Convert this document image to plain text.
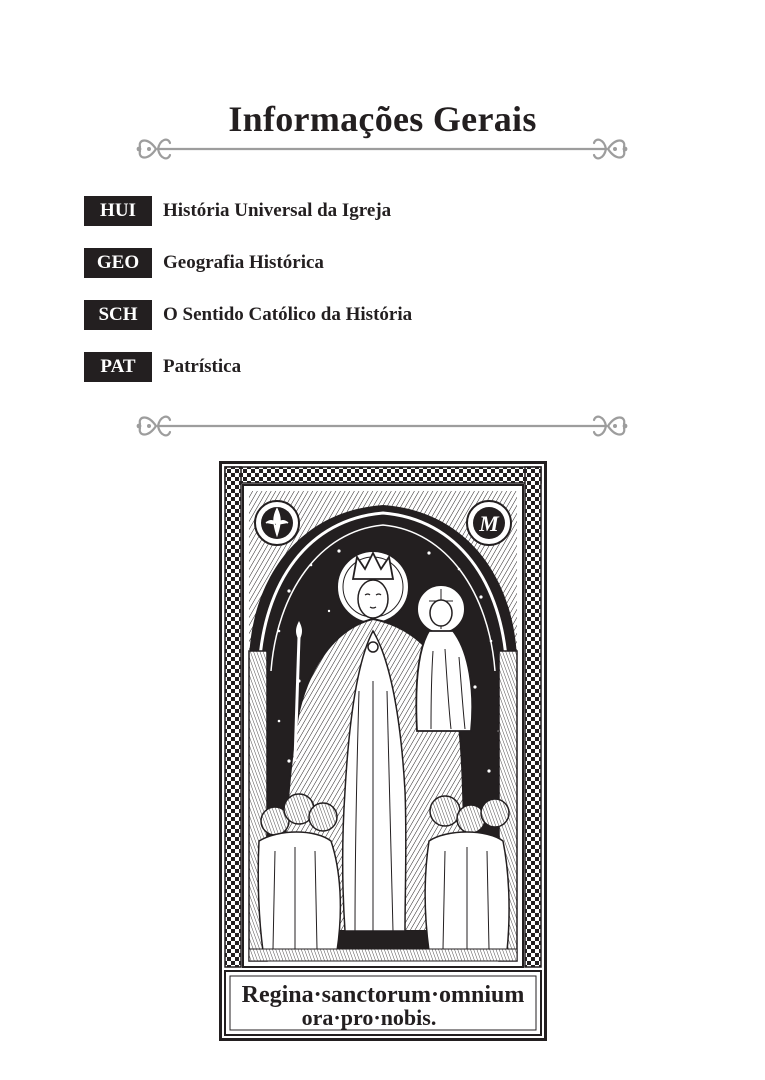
Informações Gerais
HUI	História Universal da Igreja
GEO	Geografia Histórica
SCH	O Sentido Católico da História
PAT	Patrística
M
Regina·sanctorum·omnium
ora·pro·nobis.
